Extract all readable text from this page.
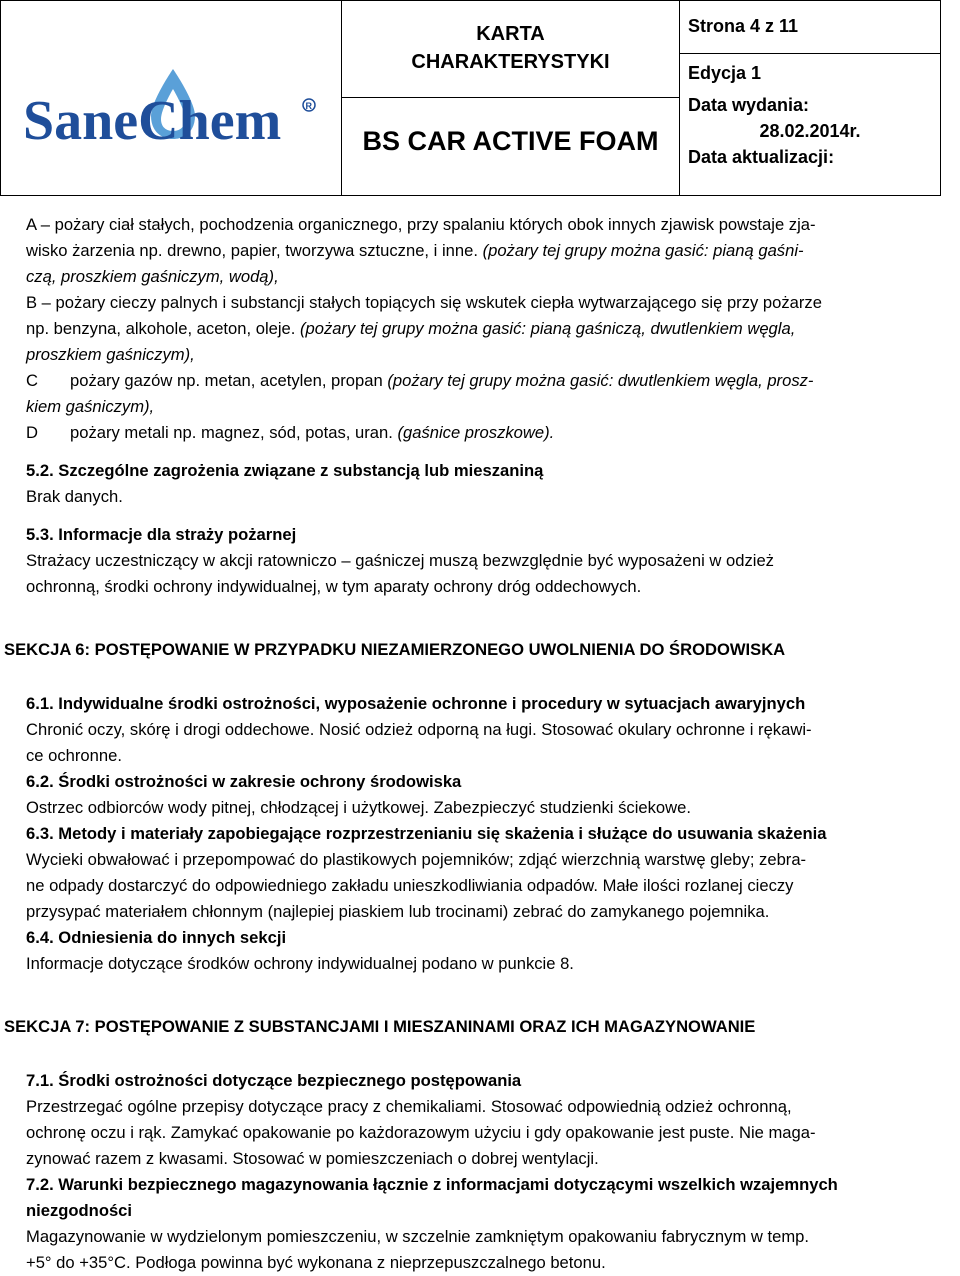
SaneChem	R
KARTA
CHARAKTERYSTYKI
BS CAR ACTIVE FOAM
Strona 4 z 11
Edycja 1
Data wydania:
28.02.2014r.
Data aktualizacji:

A – pożary ciał stałych, pochodzenia organicznego, przy spalaniu których obok innych zjawisk powstaje zja-
wisko żarzenia np. drewno, papier, tworzywa sztuczne, i inne. (pożary tej grupy można gasić: pianą gaśni-
czą, proszkiem gaśniczym, wodą),

B – pożary cieczy palnych i substancji stałych topiących się wskutek ciepła wytwarzającego się przy pożarze
np. benzyna, alkohole, aceton, oleje. (pożary tej grupy można gasić: pianą gaśniczą, dwutlenkiem węgla,
proszkiem gaśniczym),

C pożary gazów np. metan, acetylen, propan (pożary tej grupy można gasić: dwutlenkiem węgla, prosz-
kiem gaśniczym),

D pożary metali np. magnez, sód, potas, uran. (gaśnice proszkowe).

5.2. Szczególne zagrożenia związane z substancją lub mieszaniną

Brak danych.

5.3. Informacje dla straży pożarnej

Strażacy uczestniczący w akcji ratowniczo – gaśniczej muszą bezwzględnie być wyposażeni w odzież

ochronną, środki ochrony indywidualnej, w tym aparaty ochrony dróg oddechowych.

SEKCJA 6: POSTĘPOWANIE W PRZYPADKU NIEZAMIERZONEGO UWOLNIENIA DO ŚRODOWISKA

6.1. Indywidualne środki ostrożności, wyposażenie ochronne i procedury w sytuacjach awaryjnych

Chronić oczy, skórę i drogi oddechowe. Nosić odzież odporną na ługi. Stosować okulary ochronne i rękawi-

ce ochronne.

6.2. Środki ostrożności w zakresie ochrony środowiska

Ostrzec odbiorców wody pitnej, chłodzącej i użytkowej. Zabezpieczyć studzienki ściekowe.

6.3. Metody i materiały zapobiegające rozprzestrzenianiu się skażenia i służące do usuwania skażenia

Wycieki obwałować i przepompować do plastikowych pojemników; zdjąć wierzchnią warstwę gleby; zebra-

ne odpady dostarczyć do odpowiedniego zakładu unieszkodliwiania odpadów. Małe ilości rozlanej cieczy

przysypać materiałem chłonnym (najlepiej piaskiem lub trocinami) zebrać do zamykanego pojemnika.

6.4. Odniesienia do innych sekcji

Informacje dotyczące środków ochrony indywidualnej podano w punkcie 8.

SEKCJA 7: POSTĘPOWANIE Z SUBSTANCJAMI I MIESZANINAMI ORAZ ICH MAGAZYNOWANIE

7.1. Środki ostrożności dotyczące bezpiecznego postępowania

Przestrzegać ogólne przepisy dotyczące pracy z chemikaliami. Stosować odpowiednią odzież ochronną,

ochronę oczu i rąk. Zamykać opakowanie po każdorazowym użyciu i gdy opakowanie jest puste. Nie maga-

zynować razem z kwasami. Stosować w pomieszczeniach o dobrej wentylacji.

7.2. Warunki bezpiecznego magazynowania łącznie z informacjami dotyczącymi wszelkich wzajemnych

niezgodności

Magazynowanie w wydzielonym pomieszczeniu, w szczelnie zamkniętym opakowaniu fabrycznym w temp.

+5° do +35°C. Podłoga powinna być wykonana z nieprzepuszczalnego betonu.
